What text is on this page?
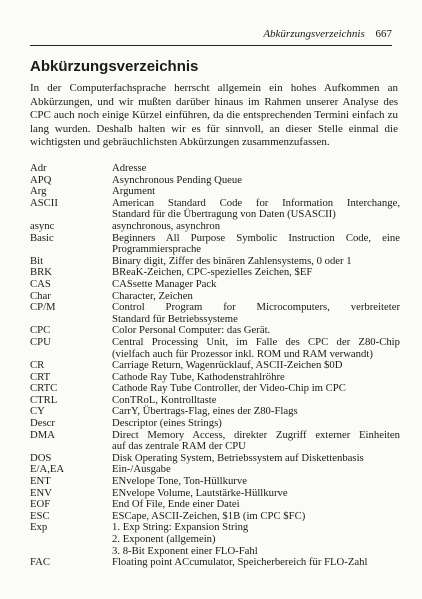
Abkürzungsverzeichnis 667
Abkürzungsverzeichnis

In der Computerfachsprache herrscht allgemein ein hohes Aufkommen an Abkürzungen, und wir mußten darüber hinaus im Rahmen unserer Analyse des CPC auch noch einige Kürzel einführen, da die entsprechenden Termini einfach zu lang wurden. Deshalb halten wir es für sinnvoll, an dieser Stelle einmal die wichtigsten und gebräuchlichsten Abkürzungen zusammenzufassen.

Adr	Adresse
APQ	Asynchronous Pending Queue
Arg	Argument
ASCII	American Standard Code for Information Interchange,
Standard für die Übertragung von Daten (USASCII)
async	asynchronous, asynchron
Basic	Beginners All Purpose Symbolic Instruction Code, eine
Programmiersprache
Bit	Binary digit, Ziffer des binären Zahlensystems, 0 oder 1
BRK	BReaK-Zeichen, CPC-spezielles Zeichen, $EF
CAS	CASsette Manager Pack
Char	Character, Zeichen
CP/M	Control Program for Microcomputers, verbreiteter
Standard für Betriebssysteme
CPC	Color Personal Computer: das Gerät.
CPU	Central Processing Unit, im Falle des CPC der Z80-Chip
(vielfach auch für Prozessor inkl. ROM und RAM verwandt)
CR	Carriage Return, Wagenrücklauf, ASCII-Zeichen $0D
CRT	Cathode Ray Tube, Kathodenstrahlröhre
CRTC	Cathode Ray Tube Controller, der Video-Chip im CPC
CTRL	ConTRoL, Kontrolltaste
CY	CarrY, Übertrags-Flag, eines der Z80-Flags
Descr	Descriptor (eines Strings)
DMA	Direct Memory Access, direkter Zugriff externer Einheiten
auf das zentrale RAM der CPU
DOS	Disk Operating System, Betriebssystem auf Diskettenbasis
E/A,EA	Ein-/Ausgabe
ENT	ENvelope Tone, Ton-Hüllkurve
ENV	ENvelope Volume, Lautstärke-Hüllkurve
EOF	End Of File, Ende einer Datei
ESC	ESCape, ASCII-Zeichen, $1B (im CPC $FC)
Exp	1. Exp String: Expansion String
2. Exponent (allgemein)
3. 8-Bit Exponent einer FLO-Fahl
FAC	Floating point ACcumulator, Speicherbereich für FLO-Zahl
